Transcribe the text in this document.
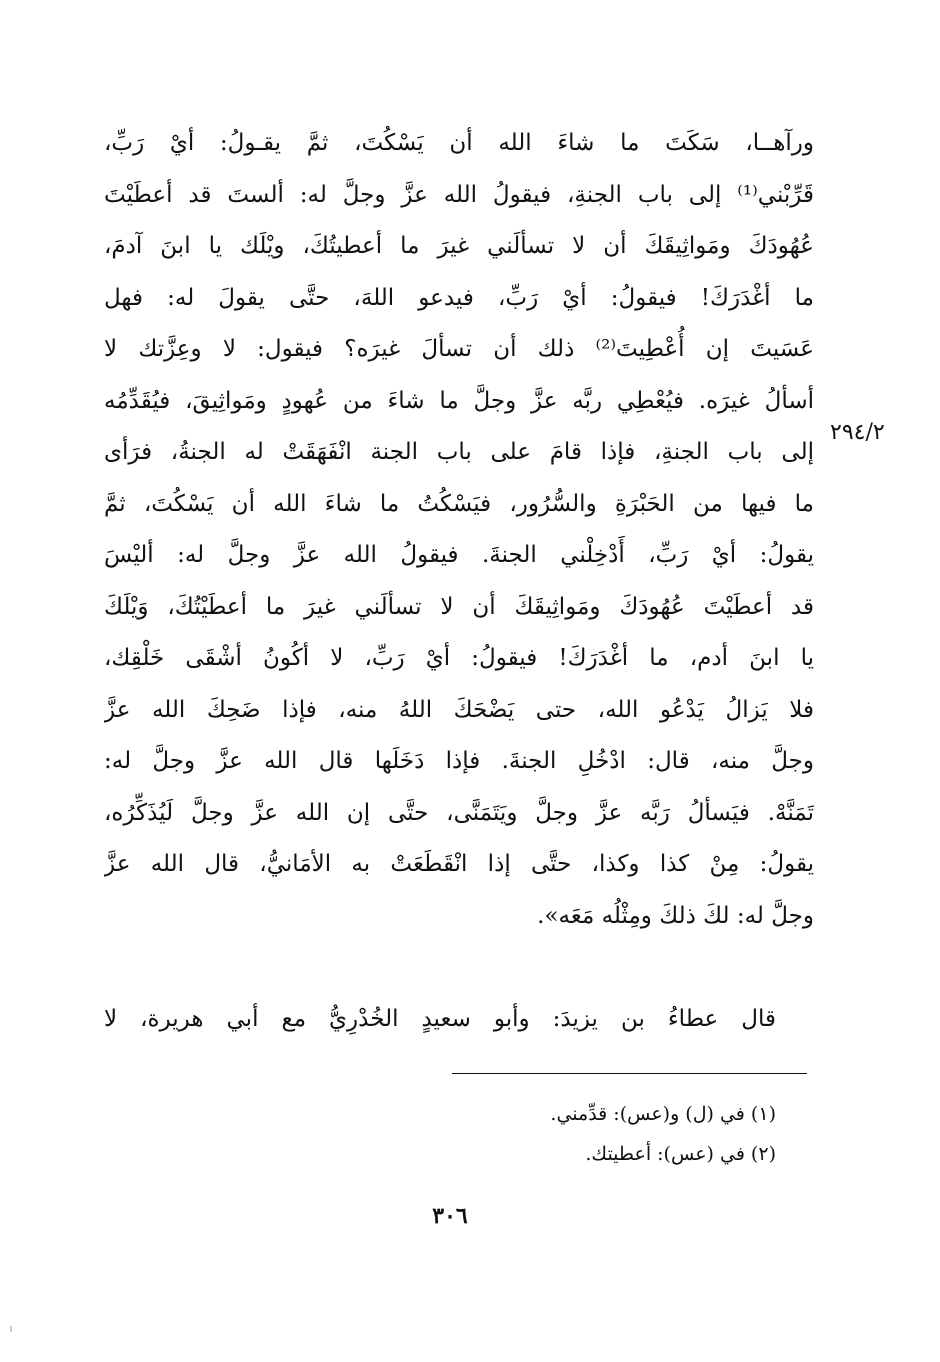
ورآهــا، سَكَتَ ما شاءَ الله أن يَسْكُتَ، ثمَّ يقـولُ: أيْ رَبِّ،
قَرِّبْني⁽¹⁾ إلى باب الجنةِ، فيقولُ الله عزَّ وجلَّ له: ألستَ قد أعطَيْتَ
عُهُودَكَ ومَواثِيقَكَ أن لا تسألَني غيرَ ما أعطيتُكَ، ويْلَك يا ابنَ آدمَ،
ما أغْدَرَكَ! فيقولُ: أيْ رَبِّ، فيدعو اللهَ، حتَّى يقولَ له: فهل
عَسَيتَ إن أُعْطِيتَ⁽²⁾ ذلك أن تسألَ غيرَه؟ فيقول: لا وعِزَّتك لا
أسألُ غيرَه. فيُعْطِي ربَّه عزَّ وجلَّ ما شاءَ من عُهودٍ ومَواثِيقَ، فيُقَدِّمُه
إلى باب الجنةِ، فإذا قامَ على باب الجنة انْفَهَقَتْ له الجنةُ، فرَأى
ما فيها من الحَبْرَةِ والسُّرُور، فيَسْكُتُ ما شاءَ الله أن يَسْكُتَ، ثمَّ
يقولُ: أيْ رَبِّ، أَدْخِلْني الجنةَ. فيقولُ الله عزَّ وجلَّ له: أليْسَ
قد أعطَيْتَ عُهُودَكَ ومَواثِيقَكَ أن لا تسألَني غيرَ ما أعطَيْتُكَ، وَيْلَكَ
يا ابنَ أدم، ما أغْدَرَكَ! فيقولُ: أيْ رَبِّ، لا أكُونُ أشْقَى خَلْقِك،
فلا يَزالُ يَدْعُو الله، حتى يَضْحَكَ اللهُ منه، فإذا ضَحِكَ الله عزَّ
وجلَّ منه، قال: ادْخُلِ الجنةَ. فإذا دَخَلَها قال الله عزَّ وجلَّ له:
تَمَنَّهْ. فيَسألُ رَبَّه عزَّ وجلَّ ويَتَمَنَّى، حتَّى إن الله عزَّ وجلَّ لَيُذَكِّرُه،
يقولُ: مِنْ كذا وكذا، حتَّى إذا انْقَطَعَتْ به الأمَانيُّ، قال الله عزَّ
وجلَّ له: لكَ ذلكَ ومِثْلُه مَعَه».
٢٩٤/٢
قال عطاءُ بن يزيدَ: وأبو سعيدٍ الخُدْرِيُّ مع أبي هريرة، لا
(١) في (ل) و(عس): قدِّمني.
(٢) في (عس): أعطيتك.
٣٠٦
